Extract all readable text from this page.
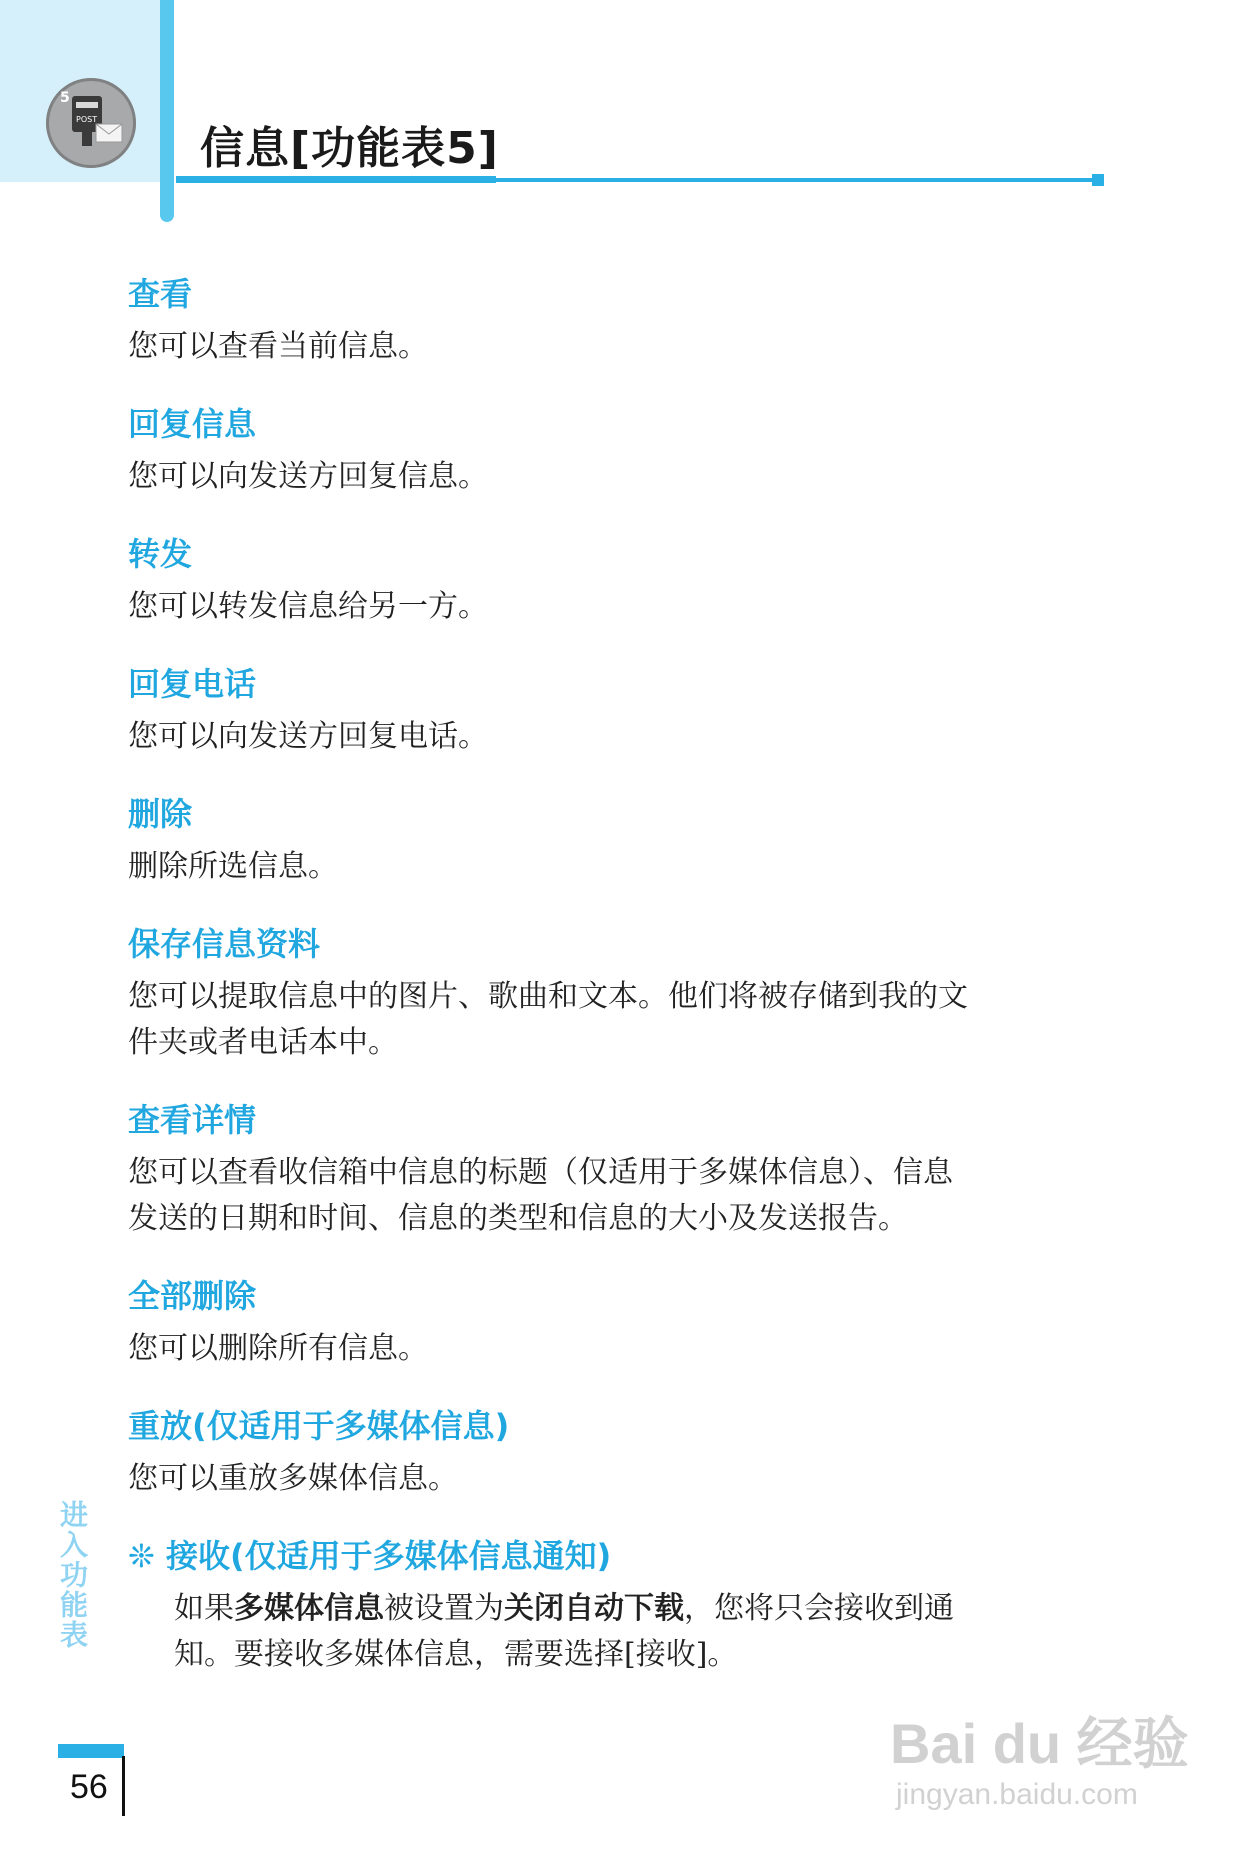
5
POST
信息[功能表5]
查看
您可以查看当前信息。
回复信息
您可以向发送方回复信息。
转发
您可以转发信息给另一方。
回复电话
您可以向发送方回复电话。
删除
删除所选信息。
保存信息资料
您可以提取信息中的图片、歌曲和文本。他们将被存储到我的文
件夹或者电话本中。
查看详情
您可以查看收信箱中信息的标题（仅适用于多媒体信息）、信息
发送的日期和时间、信息的类型和信息的大小及发送报告。
全部删除
您可以删除所有信息。
重放(仅适用于多媒体信息)
您可以重放多媒体信息。
❊ 接收(仅适用于多媒体信息通知)
如果多媒体信息被设置为关闭自动下载，您将只会接收到通
知。要接收多媒体信息，需要选择[接收]。
进入功能表
56
Bai du 经验
jingyan.baidu.com
